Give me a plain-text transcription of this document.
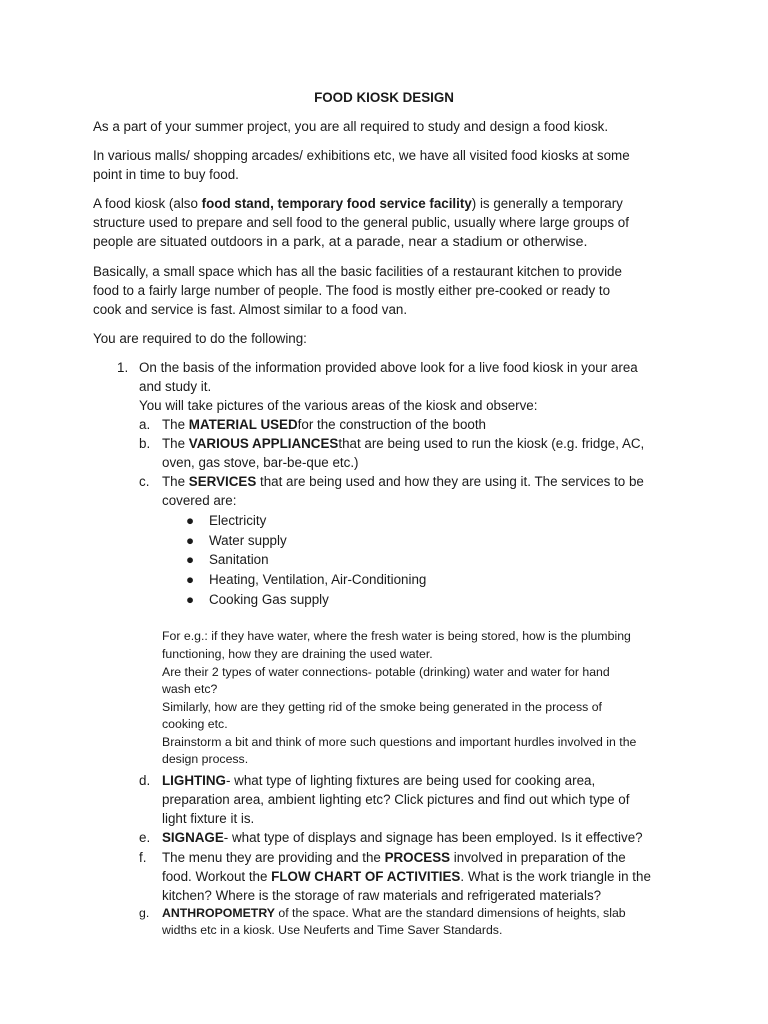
FOOD KIOSK DESIGN

As a part of your summer project, you are all required to study and design a food kiosk.

In various malls/ shopping arcades/ exhibitions etc, we have all visited food kiosks at some

point in time to buy food.

A food kiosk (also food stand, temporary food service facility) is generally a temporary

structure used to prepare and sell food to the general public, usually where large groups of

people are situated outdoors in a park, at a parade, near a stadium or otherwise.

Basically, a small space which has all the basic facilities of a restaurant kitchen to provide

food to a fairly large number of people. The food is mostly either pre-cooked or ready to

cook and service is fast. Almost similar to a food van.

You are required to do the following:

1. On the basis of the information provided above look for a live food kiosk in your area

and study it.

You will take pictures of the various areas of the kiosk and observe:

a. The MATERIAL USEDfor the construction of the booth

b. The VARIOUS APPLIANCESthat are being used to run the kiosk (e.g. fridge, AC,

oven, gas stove, bar-be-que etc.)

c. The SERVICES that are being used and how they are using it. The services to be

covered are:

● Electricity

● Water supply

● Sanitation

● Heating, Ventilation, Air-Conditioning

● Cooking Gas supply

For e.g.: if they have water, where the fresh water is being stored, how is the plumbing

functioning, how they are draining the used water.

Are their 2 types of water connections- potable (drinking) water and water for hand

wash etc?

Similarly, how are they getting rid of the smoke being generated in the process of

cooking etc.

Brainstorm a bit and think of more such questions and important hurdles involved in the

design process.

d. LIGHTING- what type of lighting fixtures are being used for cooking area,

preparation area, ambient lighting etc? Click pictures and find out which type of

light fixture it is.

e. SIGNAGE- what type of displays and signage has been employed. Is it effective?

f. The menu they are providing and the PROCESS involved in preparation of the

food. Workout the FLOW CHART OF ACTIVITIES. What is the work triangle in the

kitchen? Where is the storage of raw materials and refrigerated materials?

g. ANTHROPOMETRY of the space. What are the standard dimensions of heights, slab

widths etc in a kiosk. Use Neuferts and Time Saver Standards.
